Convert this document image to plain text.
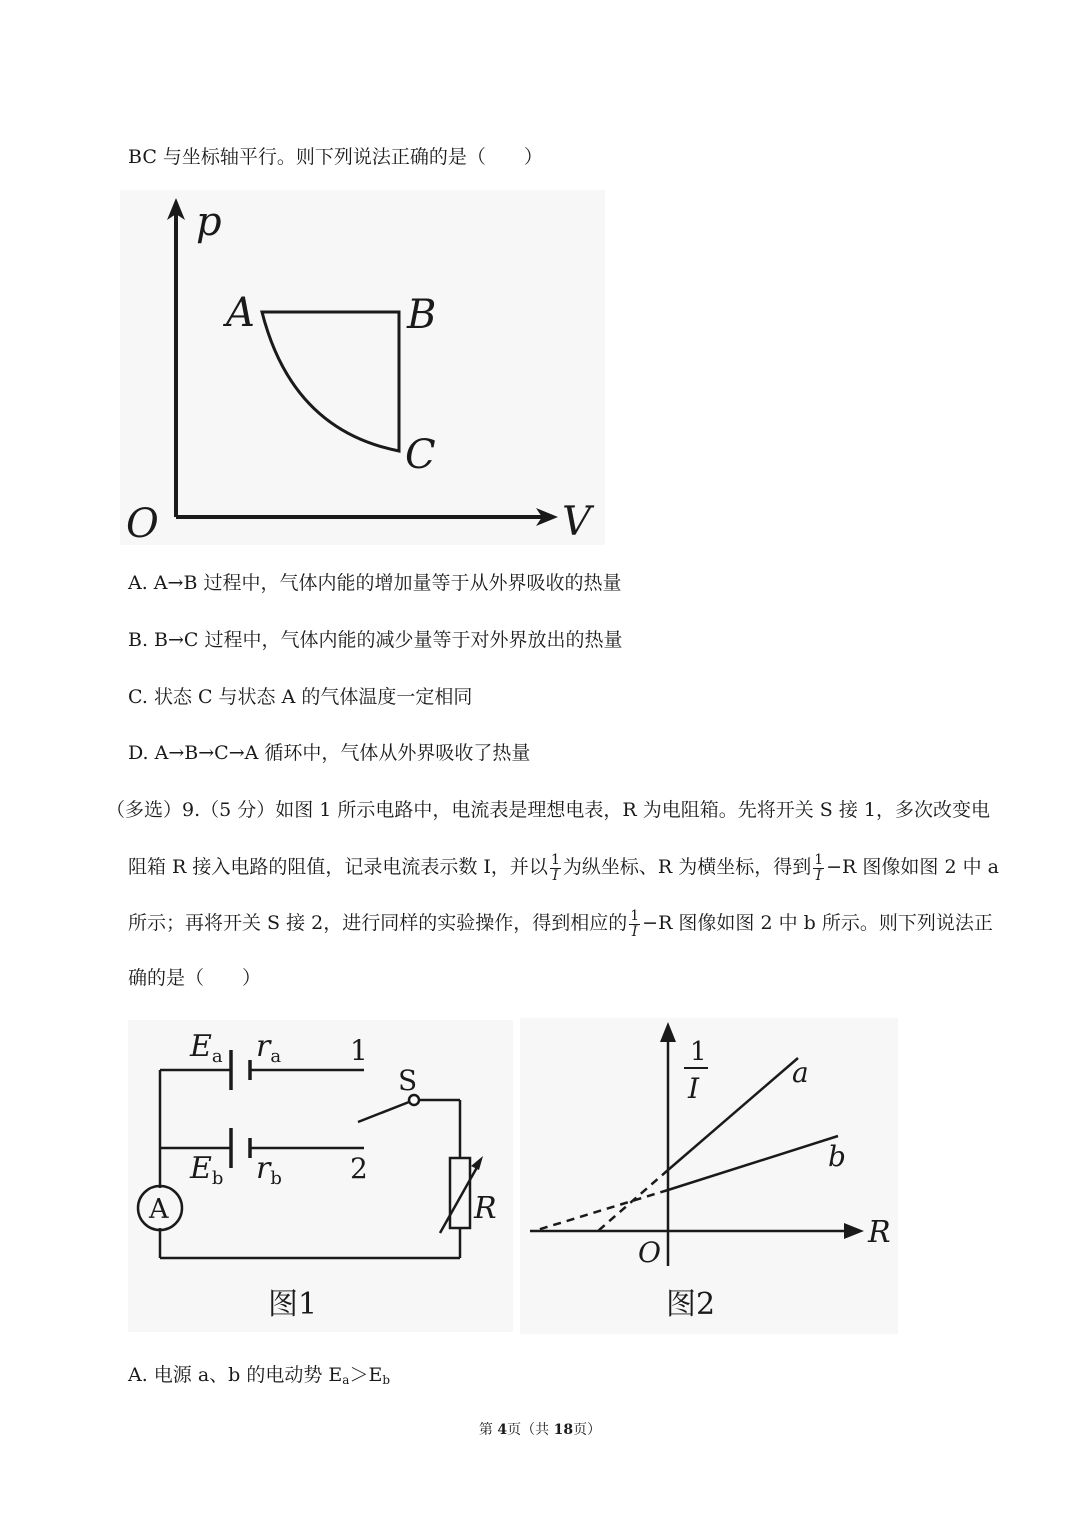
BC 与坐标轴平行。则下列说法正确的是（　　）
p
V
O
A	B
C
A. A→B 过程中，气体内能的增加量等于从外界吸收的热量
B. B→C 过程中，气体内能的减少量等于对外界放出的热量
C. 状态 C 与状态 A 的气体温度一定相同
D. A→B→C→A 循环中，气体从外界吸收了热量
（多选）9.（5 分）如图 1 所示电路中，电流表是理想电表，R 为电阻箱。先将开关 S 接 1，多次改变电
阻箱 R 接入电路的阻值，记录电流表示数 I，并以 $\frac{1}{I}$ 为纵坐标、R 为横坐标，得到 $\frac{1}{I} -R$ 图像如图 2 中 a
所示；再将开关 S 接 2，进行同样的实验操作，得到相应的 $\frac{1}{I} -R$ 图像如图 2 中 b 所示。则下列说法正
确的是（　　）
$E_a$ $r_a$
$E_b$ $r_b$
1
2
S
A	R
图1
1
I
R
O
a
b
图2
A. 电源 a、b 的电动势 $E_a>E_b$
第 4页（共 18页）
